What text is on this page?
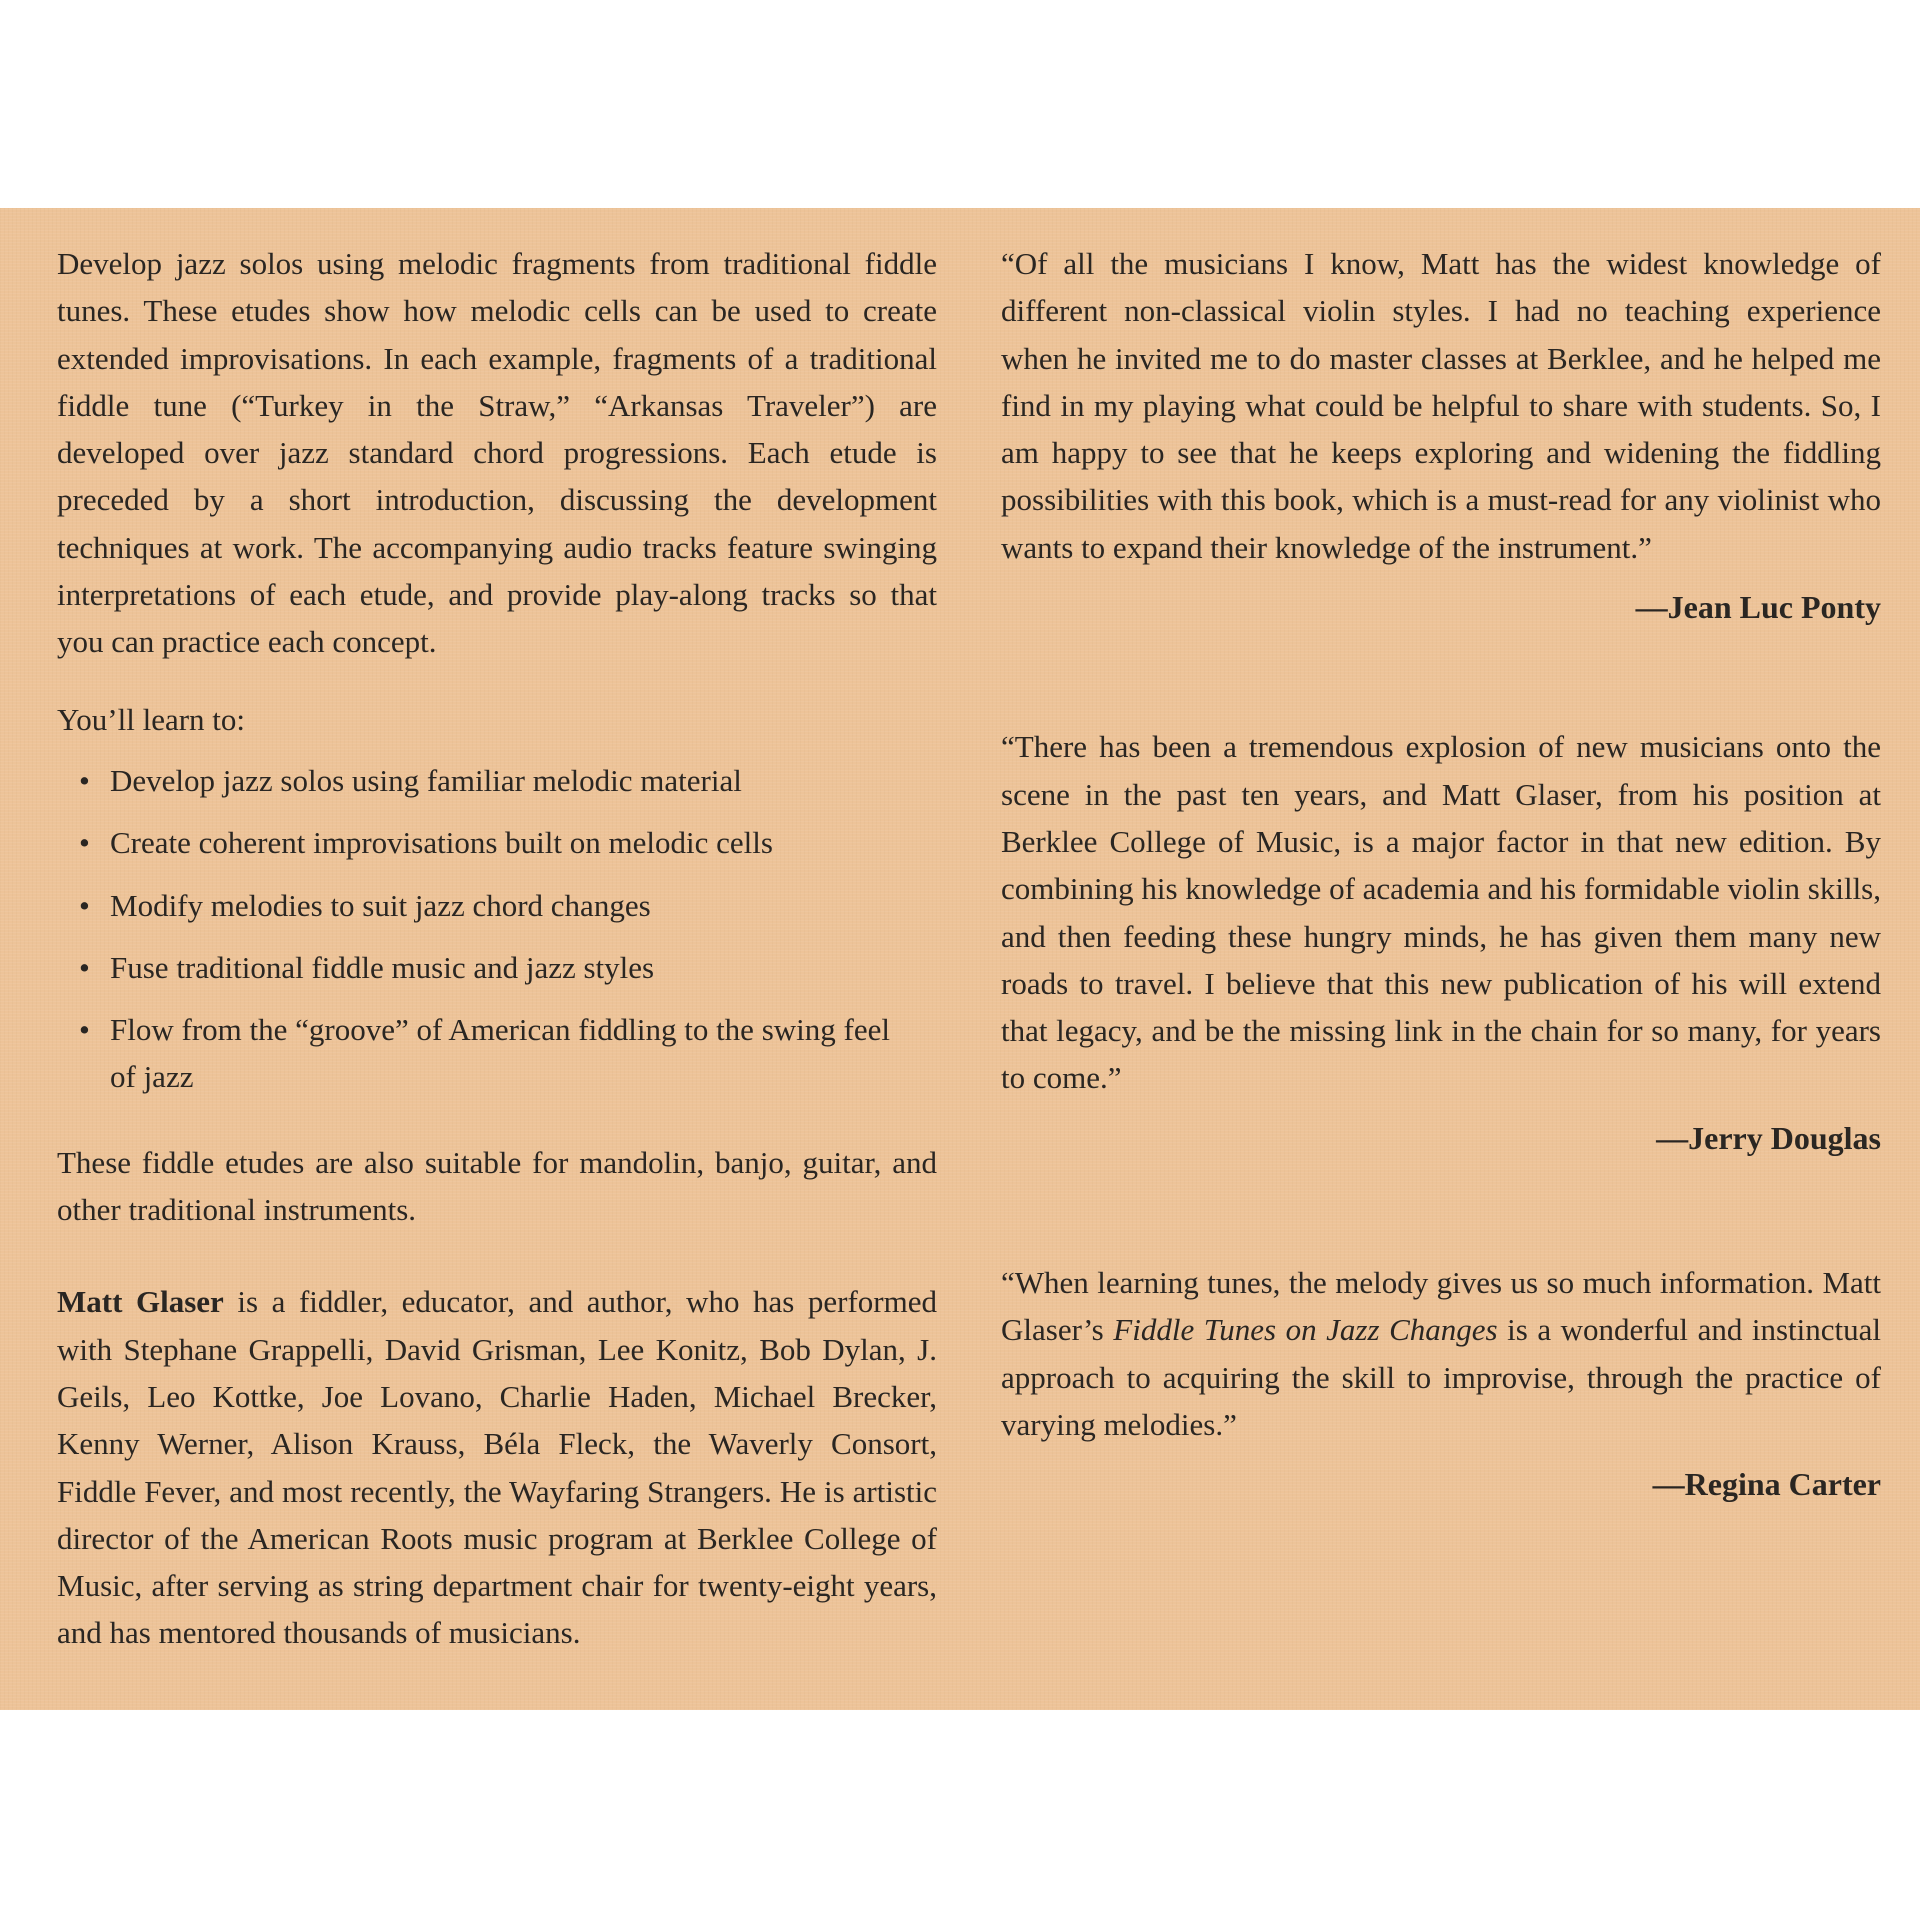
Develop jazz solos using melodic fragments from traditional fiddle tunes. These etudes show how melodic cells can be used to create extended improvisations. In each example, fragments of a traditional fiddle tune (“Turkey in the Straw,” “Arkansas Traveler”) are developed over jazz standard chord progressions. Each etude is preceded by a short introduction, discussing the development techniques at work. The accompanying audio tracks feature swinging interpretations of each etude, and provide play-along tracks so that you can practice each concept.

You’ll learn to:

• Develop jazz solos using familiar melodic material
• Create coherent improvisations built on melodic cells
• Modify melodies to suit jazz chord changes
• Fuse traditional fiddle music and jazz styles
• Flow from the “groove” of American fiddling to the swing feel of jazz

These fiddle etudes are also suitable for mandolin, banjo, guitar, and other traditional instruments.

Matt Glaser is a fiddler, educator, and author, who has performed with Stephane Grappelli, David Grisman, Lee Konitz, Bob Dylan, J. Geils, Leo Kottke, Joe Lovano, Charlie Haden, Michael Brecker, Kenny Werner, Alison Krauss, Béla Fleck, the Waverly Consort, Fiddle Fever, and most recently, the Wayfaring Strangers. He is artistic director of the American Roots music program at Berklee College of Music, after serving as string department chair for twenty-eight years, and has mentored thousands of musicians.

“Of all the musicians I know, Matt has the widest knowledge of different non-classical violin styles. I had no teaching experience when he invited me to do master classes at Berklee, and he helped me find in my playing what could be helpful to share with students. So, I am happy to see that he keeps exploring and widening the fiddling possibilities with this book, which is a must-read for any violinist who wants to expand their knowledge of the instrument.”

—Jean Luc Ponty

“There has been a tremendous explosion of new musicians onto the scene in the past ten years, and Matt Glaser, from his position at Berklee College of Music, is a major factor in that new edition. By combining his knowledge of academia and his formidable violin skills, and then feeding these hungry minds, he has given them many new roads to travel. I believe that this new publication of his will extend that legacy, and be the missing link in the chain for so many, for years to come.”

—Jerry Douglas

“When learning tunes, the melody gives us so much information. Matt Glaser’s Fiddle Tunes on Jazz Changes is a wonderful and instinctual approach to acquiring the skill to improvise, through the practice of varying melodies.”

—Regina Carter
